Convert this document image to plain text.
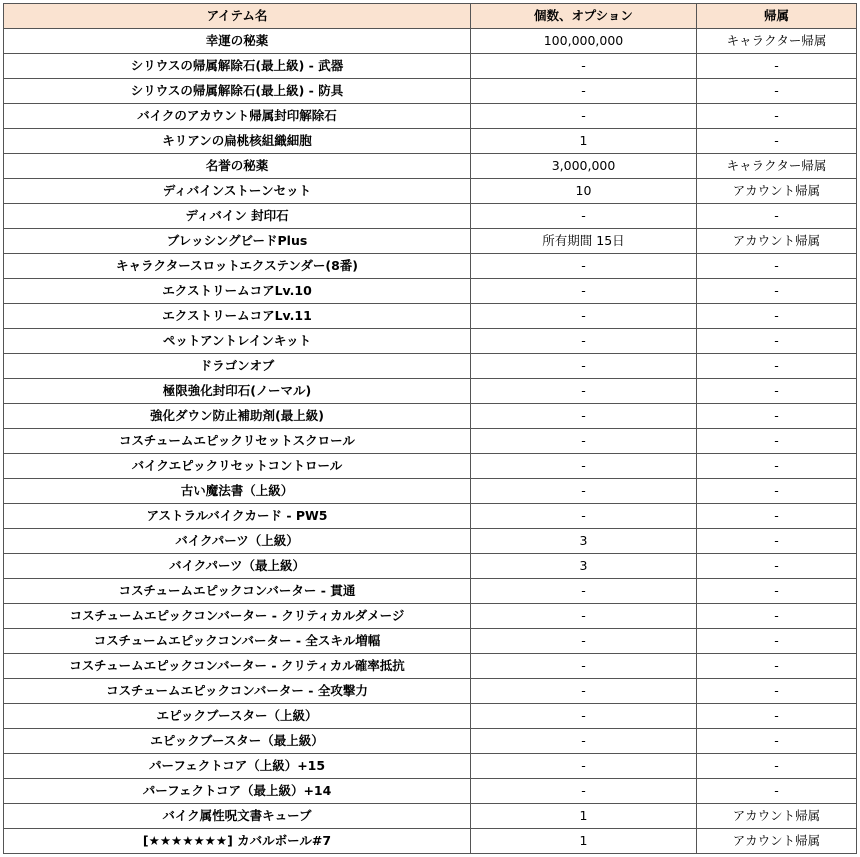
アイテム名	個数、オプション	帰属
幸運の秘薬	100,000,000	キャラクター帰属
シリウスの帰属解除石(最上級) - 武器	-	-
シリウスの帰属解除石(最上級) - 防具	-	-
バイクのアカウント帰属封印解除石	-	-
キリアンの扁桃核組織細胞	1	-
名誉の秘薬	3,000,000	キャラクター帰属
ディバインストーンセット	10	アカウント帰属
ディバイン 封印石	-	-
ブレッシングビードPlus	所有期間 15日	アカウント帰属
キャラクタースロットエクステンダー(8番)	-	-
エクストリームコアLv.10	-	-
エクストリームコアLv.11	-	-
ペットアントレインキット	-	-
ドラゴンオブ	-	-
極限強化封印石(ノーマル)	-	-
強化ダウン防止補助剤(最上級)	-	-
コスチュームエピックリセットスクロール	-	-
バイクエピックリセットコントロール	-	-
古い魔法書（上級）	-	-
アストラルバイクカード - PW5	-	-
バイクパーツ（上級）	3	-
バイクパーツ（最上級）	3	-
コスチュームエピックコンバーター - 貫通	-	-
コスチュームエピックコンバーター - クリティカルダメージ	-	-
コスチュームエピックコンバーター - 全スキル増幅	-	-
コスチュームエピックコンバーター - クリティカル確率抵抗	-	-
コスチュームエピックコンバーター - 全攻撃力	-	-
エピックブースター（上級）	-	-
エピックブースター（最上級）	-	-
パーフェクトコア（上級）+15	-	-
パーフェクトコア（最上級）+14	-	-
バイク属性呪文書キューブ	1	アカウント帰属
[★★★★★★★] カバルボール#7	1	アカウント帰属
